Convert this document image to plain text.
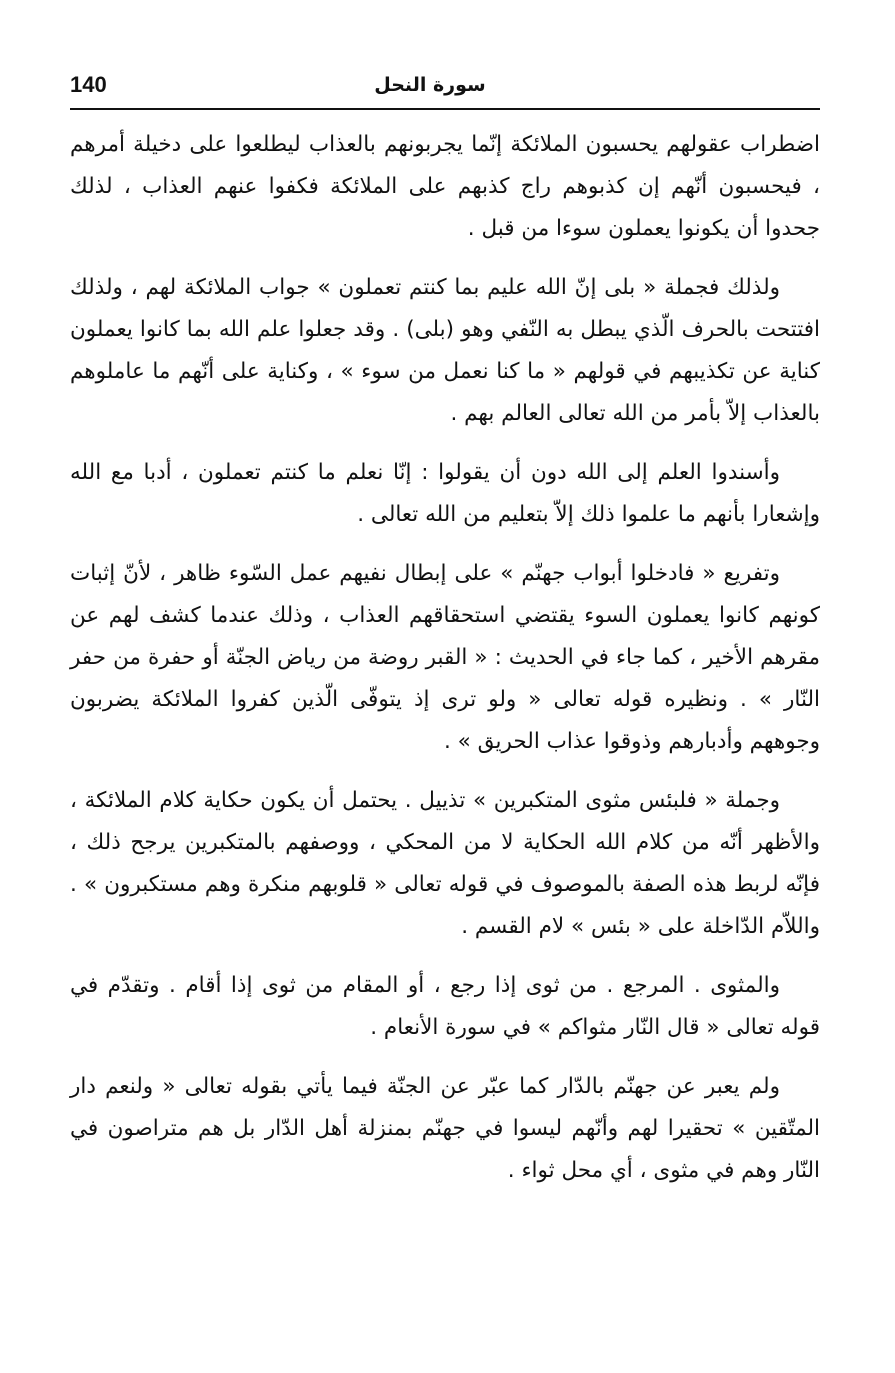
140	سورة النحل

اضطراب عقولهم يحسبون الملائكة إنّما يجربونهم بالعذاب ليطلعوا على دخيلة أمرهم ، فيحسبون أنّهم إن كذبوهم راج كذبهم على الملائكة فكفوا عنهم العذاب ، لذلك جحدوا أن يكونوا يعملون سوءا من قبل .

ولذلك فجملة « بلى إنّ الله عليم بما كنتم تعملون » جواب الملائكة لهم ، ولذلك افتتحت بالحرف الّذي يبطل به النّفي وهو (بلى) . وقد جعلوا علم الله بما كانوا يعملون كناية عن تكذيبهم في قولهم « ما كنا نعمل من سوء » ، وكناية على أنّهم ما عاملوهم بالعذاب إلاّ بأمر من الله تعالى العالم بهم .

وأسندوا العلم إلى الله دون أن يقولوا : إنّا نعلم ما كنتم تعملون ، أدبا مع الله وإشعارا بأنهم ما علموا ذلك إلاّ بتعليم من الله تعالى .

وتفريع « فادخلوا أبواب جهنّم » على إبطال نفيهم عمل السّوء ظاهر ، لأنّ إثبات كونهم كانوا يعملون السوء يقتضي استحقاقهم العذاب ، وذلك عندما كشف لهم عن مقرهم الأخير ، كما جاء في الحديث : « القبر روضة من رياض الجنّة أو حفرة من حفر النّار » . ونظيره قوله تعالى « ولو ترى إذ يتوفّى الّذين كفروا الملائكة يضربون وجوههم وأدبارهم وذوقوا عذاب الحريق » .

وجملة « فلبئس مثوى المتكبرين » تذييل . يحتمل أن يكون حكاية كلام الملائكة ، والأظهر أنّه من كلام الله الحكاية لا من المحكي ، ووصفهم بالمتكبرين يرجح ذلك ، فإنّه لربط هذه الصفة بالموصوف في قوله تعالى « قلوبهم منكرة وهم مستكبرون » . واللاّم الدّاخلة على « بئس » لام القسم .

والمثوى . المرجع . من ثوى إذا رجع ، أو المقام من ثوى إذا أقام . وتقدّم في قوله تعالى « قال النّار مثواكم » في سورة الأنعام .

ولم يعبر عن جهنّم بالدّار كما عبّر عن الجنّة فيما يأتي بقوله تعالى « ولنعم دار المتّقين » تحقيرا لهم وأنّهم ليسوا في جهنّم بمنزلة أهل الدّار بل هم متراصون في النّار وهم في مثوى ، أي محل ثواء .
